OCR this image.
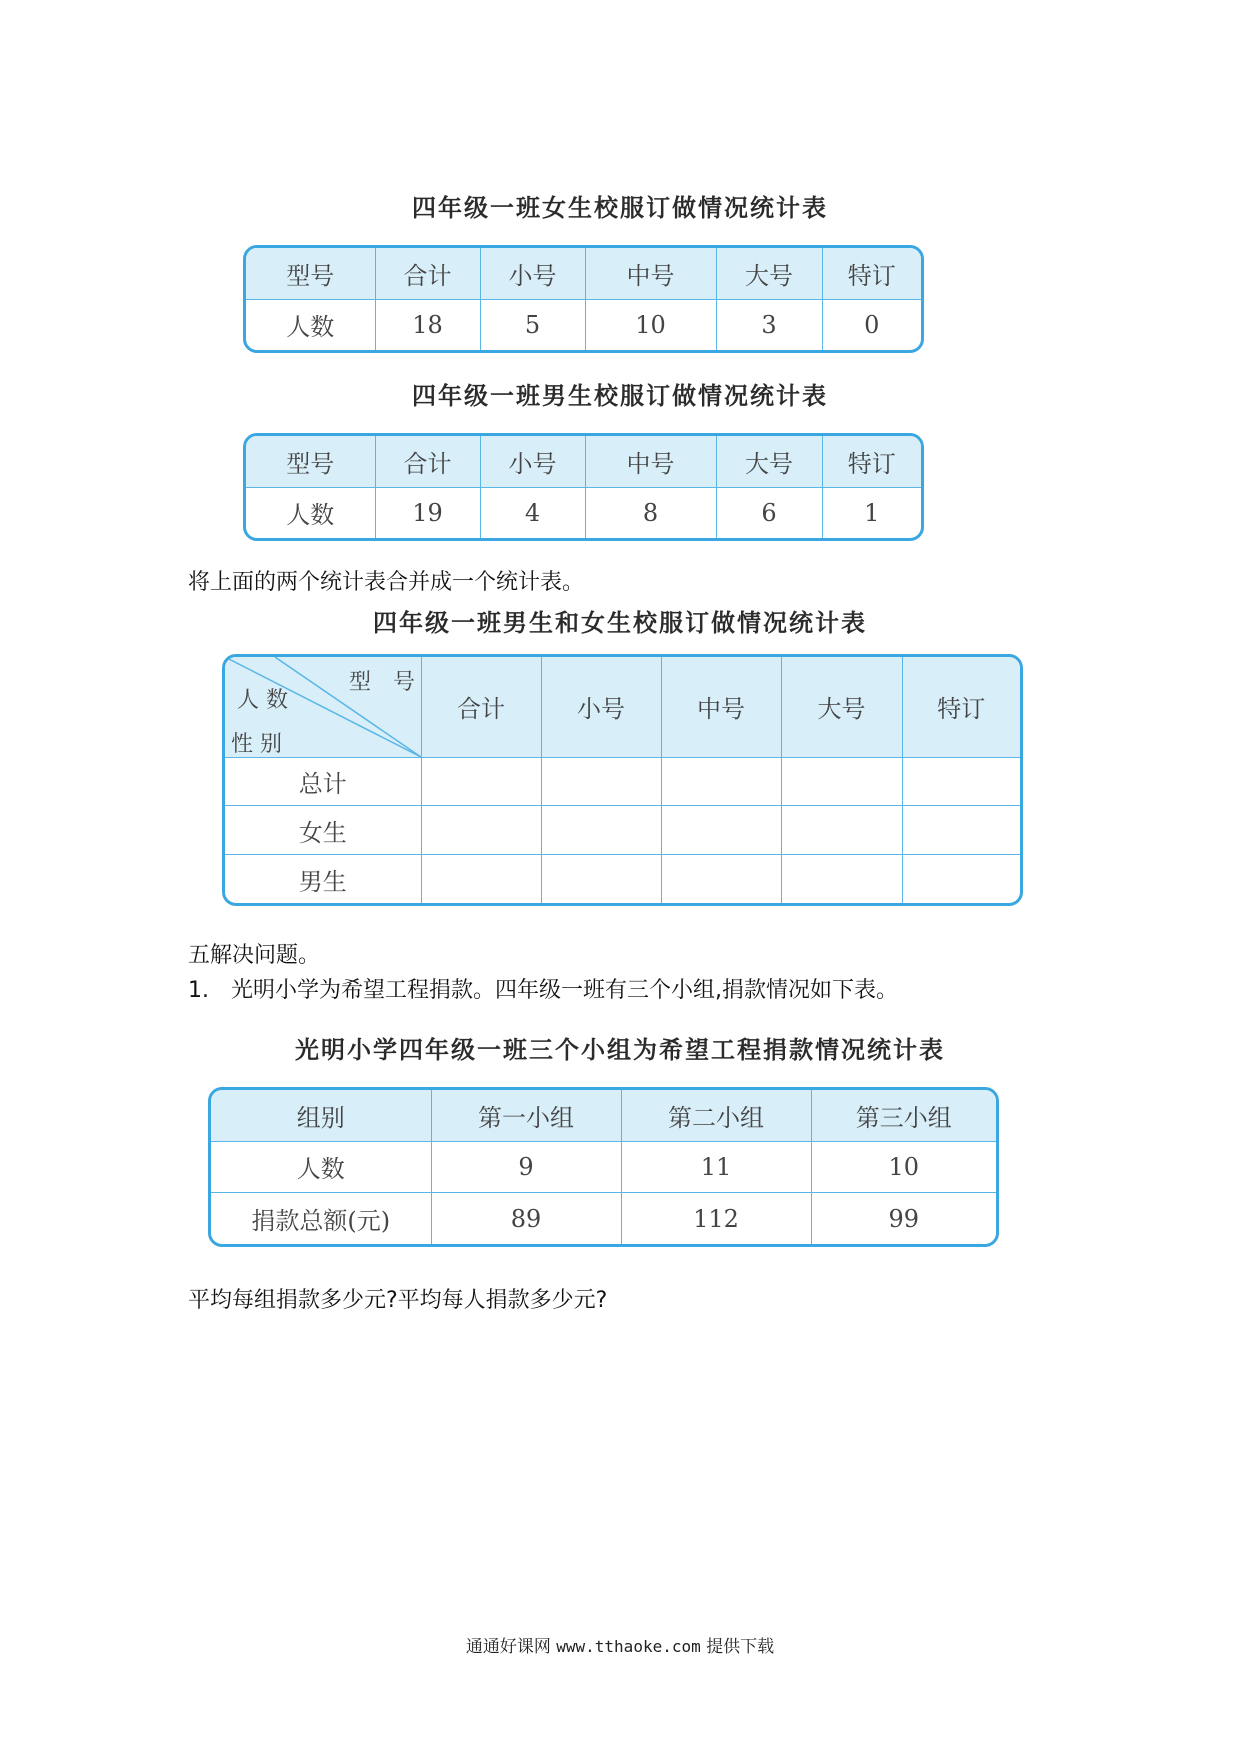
四年级一班女生校服订做情况统计表
型号	合计	小号	中号	大号	特订
人数	18	5	10	3	0
四年级一班男生校服订做情况统计表
型号	合计	小号	中号	大号	特订
人数	19	4	8	6	1
将上面的两个统计表合并成一个统计表。
四年级一班男生和女生校服订做情况统计表
型　号
人 数
性 别	合计	小号	中号	大号	特订
总计					
女生					
男生					
五解决问题。
1.　光明小学为希望工程捐款。四年级一班有三个小组,捐款情况如下表。
光明小学四年级一班三个小组为希望工程捐款情况统计表
组别	第一小组	第二小组	第三小组
人数	9	11	10
捐款总额(元)	89	112	99
平均每组捐款多少元?平均每人捐款多少元?
通通好课网 www.tthaoke.com 提供下载
